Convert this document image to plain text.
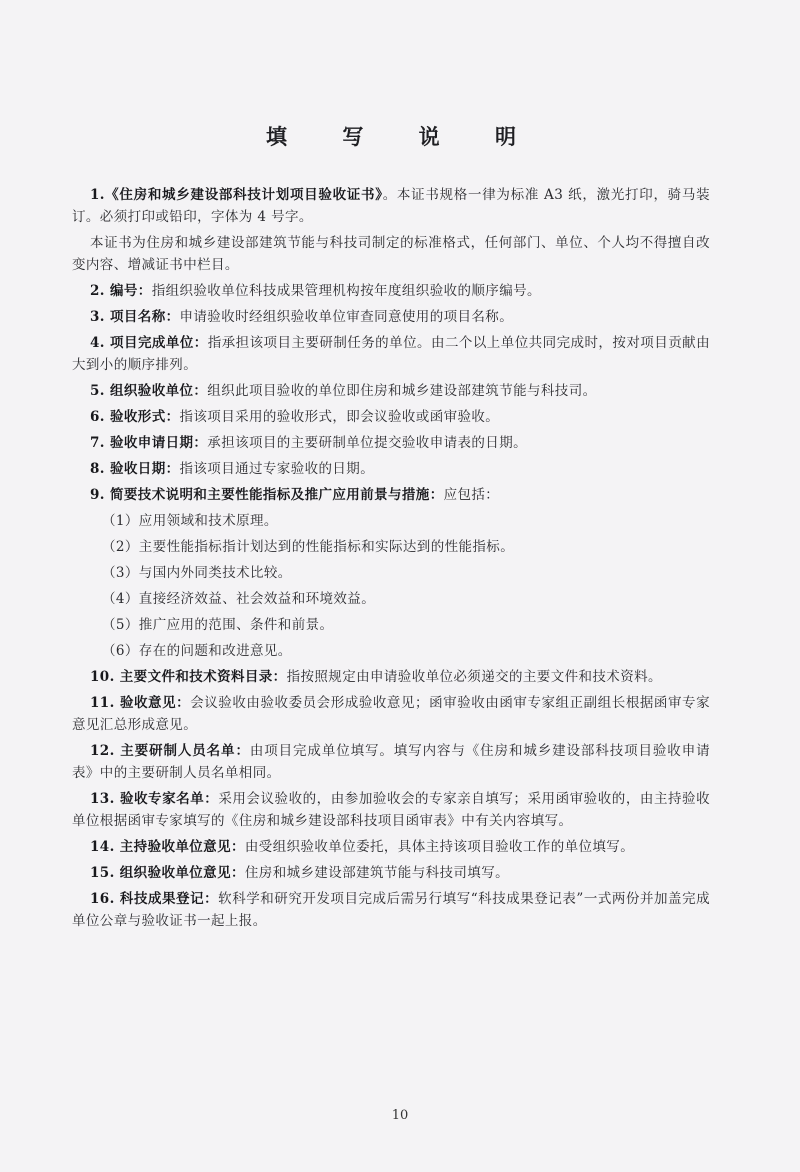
填 写 说 明

1.《住房和城乡建设部科技计划项目验收证书》。本证书规格一律为标准 A3 纸，激光打印，骑马装订。必须打印或铅印，字体为 4 号字。

本证书为住房和城乡建设部建筑节能与科技司制定的标准格式，任何部门、单位、个人均不得擅自改变内容、增减证书中栏目。

2. 编号：指组织验收单位科技成果管理机构按年度组织验收的顺序编号。

3. 项目名称：申请验收时经组织验收单位审查同意使用的项目名称。

4. 项目完成单位：指承担该项目主要研制任务的单位。由二个以上单位共同完成时，按对项目贡献由大到小的顺序排列。

5. 组织验收单位：组织此项目验收的单位即住房和城乡建设部建筑节能与科技司。

6. 验收形式：指该项目采用的验收形式，即会议验收或函审验收。

7. 验收申请日期：承担该项目的主要研制单位提交验收申请表的日期。

8. 验收日期：指该项目通过专家验收的日期。

9. 简要技术说明和主要性能指标及推广应用前景与措施：应包括：

（1）应用领域和技术原理。

（2）主要性能指标指计划达到的性能指标和实际达到的性能指标。

（3）与国内外同类技术比较。

（4）直接经济效益、社会效益和环境效益。

（5）推广应用的范围、条件和前景。

（6）存在的问题和改进意见。

10. 主要文件和技术资料目录：指按照规定由申请验收单位必须递交的主要文件和技术资料。

11. 验收意见：会议验收由验收委员会形成验收意见；函审验收由函审专家组正副组长根据函审专家意见汇总形成意见。

12. 主要研制人员名单：由项目完成单位填写。填写内容与《住房和城乡建设部科技项目验收申请表》中的主要研制人员名单相同。

13. 验收专家名单：采用会议验收的，由参加验收会的专家亲自填写；采用函审验收的，由主持验收单位根据函审专家填写的《住房和城乡建设部科技项目函审表》中有关内容填写。

14. 主持验收单位意见：由受组织验收单位委托，具体主持该项目验收工作的单位填写。

15. 组织验收单位意见：住房和城乡建设部建筑节能与科技司填写。

16. 科技成果登记：软科学和研究开发项目完成后需另行填写“科技成果登记表”一式两份并加盖完成单位公章与验收证书一起上报。

10
